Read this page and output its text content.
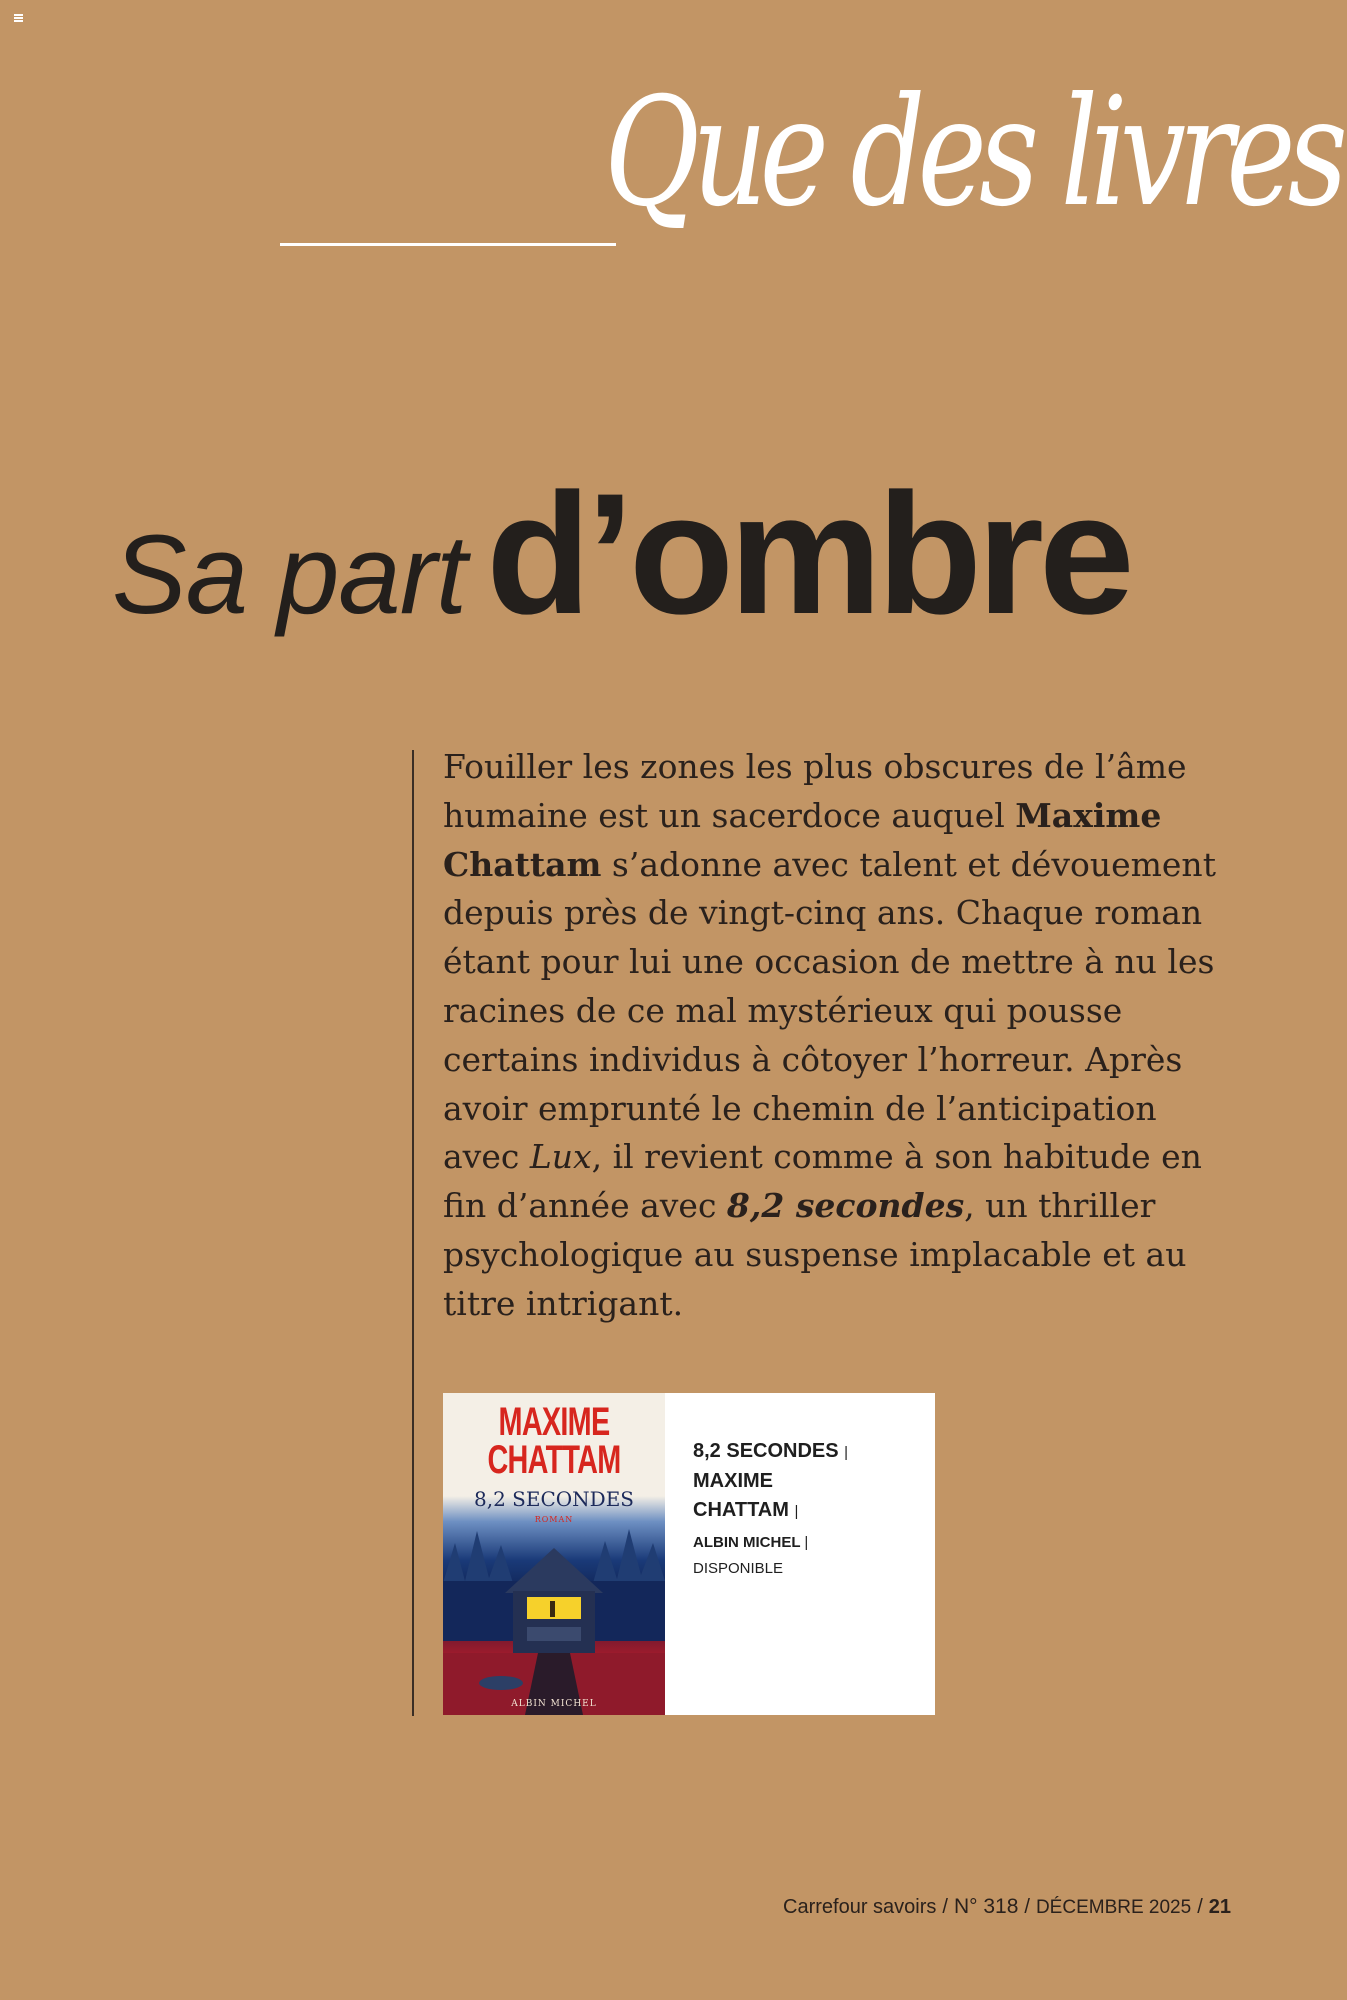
Que des livres
Sa part d’ombre

Fouiller les zones les plus obscures de l’âme humaine est un sacerdoce auquel Maxime Chattam s’adonne avec talent et dévouement depuis près de vingt-cinq ans. Chaque roman étant pour lui une occasion de mettre à nu les racines de ce mal mystérieux qui pousse certains individus à côtoyer l’horreur. Après avoir emprunté le chemin de l’anticipation avec Lux, il revient comme à son habitude en fin d’année avec 8,2 secondes, un thriller psychologique au suspense implacable et au titre intrigant.

MAXIME CHATTAM
8,2 SECONDES
ROMAN
ALBIN MICHEL
8,2 SECONDES |
MAXIME CHATTAM |
ALBIN MICHEL |
DISPONIBLE
Carrefour savoirs / N° 318 / DÉCEMBRE 2025 / 21
